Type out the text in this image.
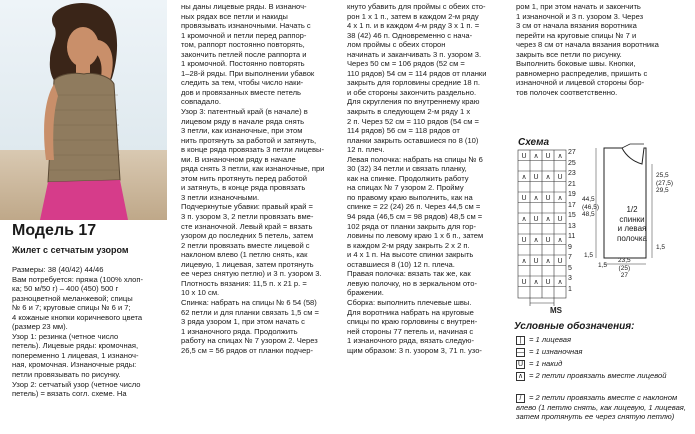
Модель 17
Жилет с сетчатым узором
Размеры: 38 (40/42) 44/46
Вам потребуется: пряжа (100% хлоп-
ка; 50 м/50 г) – 400 (450) 500 г
разноцветной меланжевой; спицы
№ 6 и 7; круговые спицы № 6 и 7;
4 кожаные кнопки коричневого цвета
(размер 23 мм).
Узор 1: резинка (четное число
петель). Лицевые ряды: кромочная,
попеременно 1 лицевая, 1 изнаноч-
ная, кромочная. Изнаночные ряды:
петли провязывать по рисунку.
Узор 2: сетчатый узор (четное число
петель) = вязать согл. схеме. На
ны даны лицевые ряды. В изнаноч-
ных рядах все петли и накиды
провязывать изнаночными. Начать с
1 кромочной и петли перед раппор-
том, раппорт постоянно повторять,
закончить петлей после раппорта и
1 кромочной. Постоянно повторять
1–28-й ряды. При выполнении убавок
следить за тем, чтобы число наки-
дов и провязанных вместе петель
совпадало.
Узор 3: патентный край (в начале) в
лицевом ряду в начале ряда снять
3 петли, как изнаночные, при этом
нить протянуть за работой и затянуть,
в конце ряда провязать 3 петли лицевы-
ми. В изнаночном ряду в начале
ряда снять 3 петли, как изнаночные, при
этом нить протянуть перед работой
и затянуть, в конце ряда провязать
3 петли изнаночными.
Подчеркнутые убавки: правый край =
3 п. узором 3, 2 петли провязать вме-
сте изнаночной. Левый край = вязать
узором до последних 5 петель, затем
2 петли провязать вместе лицевой с
наклоном влево (1 петлю снять, как
лицевую, 1 лицевая, затем протянуть
ее через снятую петлю) и 3 п. узором 3.
Плотность вязания: 11,5 п. х 21 р. =
10 х 10 см.
Спинка: набрать на спицы № 6 54 (58)
62 петли и для планки связать 1,5 см =
3 ряда узором 1, при этом начать с
1 изнаночного ряда. Продолжить
работу на спицах № 7 узором 2. Через
26,5 см = 56 рядов от планки подчер-
кнуто убавить для проймы с обеих сто-
рон 1 x 1 п., затем в каждом 2-м ряду
4 x 1 п. и в каждом 4-м ряду 3 x 1 п. =
38 (42) 46 п. Одновременно с нача-
лом проймы с обеих сторон
начинать и заканчивать 3 п. узором 3.
Через 50 см = 106 рядов (52 см =
110 рядов) 54 см = 114 рядов от планки
закрыть для горловины средние 18 п.
и обе стороны закончить раздельно.
Для скругления по внутреннему краю
закрыть в следующем 2-м ряду 1 x
2 п. Через 52 см = 110 рядов (54 см =
114 рядов) 56 см = 118 рядов от
планки закрыть оставшиеся по 8 (10)
12 п. плеч.
Левая полочка: набрать на спицы № 6
30 (32) 34 петли и связать планку,
как на спинке. Продолжить работу
на спицах № 7 узором 2. Пройму
по правому краю выполнить, как на
спинке = 22 (24) 26 п. Через 44,5 см =
94 ряда (46,5 см = 98 рядов) 48,5 см =
102 ряда от планки закрыть для гор-
ловины по левому краю 1 x 6 п., затем
в каждом 2-м ряду закрыть 2 x 2 п.
и 4 x 1 п. На высоте спинки закрыть
оставшиеся 8 (10) 12 п. плеча.
Правая полочка: вязать так же, как
левую полочку, но в зеркальном ото-
бражении.
Сборка: выполнить плечевые швы.
Для воротника набрать на круговые
спицы по краю горловины с внутрен-
ней стороны 77 петель и, начиная с
1 изнаночного ряда, вязать следую-
щим образом: 3 п. узором 3, 71 п. узо-
ром 1, при этом начать и закончить
1 изнаночной и 3 п. узором 3. Через
3 см от начала вязания воротника
перейти на круговые спицы № 7 и
через 8 см от начала вязания воротника
закрыть все петли по рисунку.
Выполнить боковые швы. Кнопки,
равномерно распределив, пришить с
изнаночной и лицевой стороны бор-
тов полочек соответственно.
Схема
U ∧ U ∧
∧ U ∧ U
U ∧ U ∧
∧ U ∧ U
U ∧ U ∧
∧ U ∧ U
U ∧ U ∧
MS
27
25
23
21
19
17
15
13
11
9
7
5
3
1
1/2
спинки
и левая
полочка
44,5
(46,5)
48,5
25,5
(27,5)
29,5
1,5
23,5
(25)
27
1,5
1,5
Условные обозначения:
| = 1 лицевая
— = 1 изнаночная
U = 1 накид
∧ = 2 петли провязать вместе лицевой
/ = 2 петли провязать вместе с наклоном влево (1 петлю снять, как лицевую, 1 лицевая, затем протянуть ее через снятую петлю)
